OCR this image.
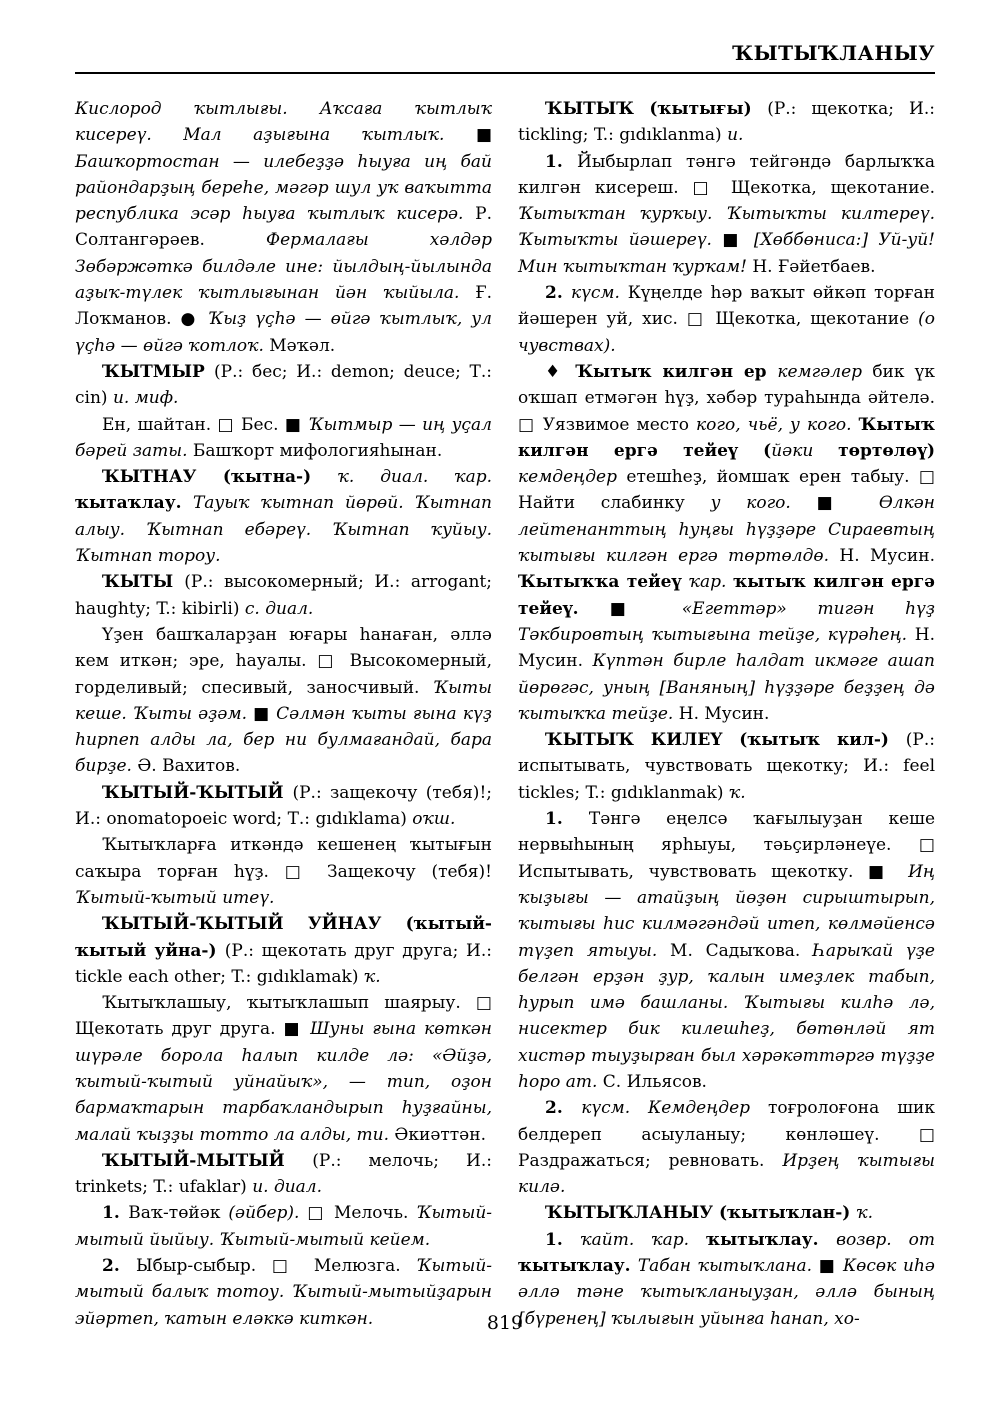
ҠЫТЫҠЛАНЫУ

Кислород ҡытлығы. Аҡсаға ҡытлыҡ кисереү. Мал аҙығына ҡытлыҡ. ■ Башҡортостан — илебеҙҙә һыуға иң бай райондарҙың береһе, мәгәр шул уҡ ваҡытта республика эсәр һыуға ҡытлыҡ кисерә. Р. Солтангәрәев. Фермалағы хәлдәр Зөбәржәткә билдәле ине: йылдың-йылында аҙыҡ-түлек ҡытлығынан йән ҡыйыла. Ғ. Лоҡманов. ● Ҡыҙ үҫһә — өйгә ҡытлыҡ, ул үҫһә — өйгә ҡотлоҡ. Мәҡәл.

ҠЫТМЫР (Р.: бес; И.: demon; deuce; Т.: cin) и. миф.

Ен, шайтан. □ Бес. ■ Ҡытмыр — иң уҫал бәрей заты. Башҡорт мифологияһынан.

ҠЫТНАУ (ҡытна-) ҡ. диал. ҡар. ҡытаҡлау. Тауыҡ ҡытнап йөрөй. Ҡытнап алыу. Ҡытнап ебәреү. Ҡытнап ҡуйыу. Ҡытнап тороу.

ҠЫТЫ (Р.: высокомерный; И.: arrogant; haughty; T.: kibirli) с. диал.

Үҙен башҡаларҙан юғары һанаған, әллә кем иткән; эре, һауалы. □ Высокомерный, горделивый; спесивый, заносчивый. Ҡыты кеше. Ҡыты әҙәм. ■ Сәлмән ҡыты ғына күҙ һирпеп алды ла, бер ни булмағандай, бара бирҙе. Ә. Вахитов.

ҠЫТЫЙ-ҠЫТЫЙ (Р.: защекочу (тебя)!; И.: onomatopoeic word; Т.: gıdıklama) оҡш.

Ҡытыҡларға иткәндә кешенең ҡытығын саҡыра торған һүҙ. □ Защекочу (тебя)! Ҡытый-ҡытый итеү.

ҠЫТЫЙ-ҠЫТЫЙ УЙНАУ (ҡытый-ҡытый уйна-) (Р.: щекотать друг друга; И.: tickle each other; T.: gıdıklamak) ҡ.

Ҡытыҡлашыу, ҡытыҡлашып шаярыу. □ Щекотать друг друга. ■ Шуны ғына көткән шүрәле борола һалып килде лә: «Әйҙә, ҡытый-ҡытый уйнайыҡ», — тип, оҙон бармаҡтарын тарбаҡландырып һуҙғайны, малай ҡыҙҙы тотто ла алды, ти. Әкиәттән.

ҠЫТЫЙ-МЫТЫЙ (Р.: мелочь; И.: trinkets; T.: ufaklar) и. диал.

1. Ваҡ-төйәк (әйбер). □ Мелочь. Ҡытый-мытый йыйыу. Ҡытый-мытый кейем.

2. Ыбыр-сыбыр. □ Мелюзга. Ҡытый-мытый балыҡ тотоу. Ҡытый-мытыйҙарын эйәртеп, ҡатын еләккә киткән.

ҠЫТЫҠ (ҡытығы) (Р.: щекотка; И.: tickling; T.: gıdıklanma) и.

1. Йыбырлап тәнгә тейгәндә барлыҡҡа килгән кисереш. □ Щекотка, щекотание. Ҡытыҡтан ҡурҡыу. Ҡытыҡты килтереү. Ҡытыҡты йәшереү. ■ [Хөббөниса:] Уй-уй! Мин ҡытыҡтан ҡурҡам! Н. Ғәйетбаев.

2. күсм. Күңелде һәр ваҡыт өйкәп торған йәшерен уй, хис. □ Щекотка, щекотание (о чувствах).

♦ Ҡытыҡ килгән ер кемгәлер бик үк оҡшап етмәгән һүҙ, хәбәр тураһында әйтелә. □ Уязвимое место кого, чьё, у кого. Ҡытыҡ килгән ергә тейеү (йәки төртөлөү) кемдеңдер етешһеҙ, йомшаҡ ерен табыу. □ Найти слабинку у кого. ■ Өлкән лейтенанттың һуңғы һүҙҙәре Сираевтың ҡытығы килгән ергә төртөлдө. Н. Мусин. Ҡытыҡҡа тейеү ҡар. ҡытыҡ килгән ергә тейеү. ■ «Егеттәр» тигән һүҙ Тәкбировтың ҡытығына тейҙе, күрәһең. Н. Мусин. Күптән бирле һалдат икмәге ашап йөрөгәс, уның [Ваняның] һүҙҙәре беҙҙең дә ҡытыҡҡа тейҙе. Н. Мусин.

ҠЫТЫҠ КИЛЕҮ (ҡытыҡ кил-) (Р.: испытывать, чувствовать щекотку; И.: feel tickles; T.: gıdıklanmak) ҡ.

1. Тәнгә еңелсә ҡағылыуҙан кеше нервыһының ярһыуы, тәьҫирләнеүе. □ Испытывать, чувствовать щекотку. ■ Иң ҡыҙығы — атайҙың йөҙөн сирыштырып, ҡытығы һис килмәгәндәй итеп, көлмәйенсә түҙеп ятыуы. М. Садыҡова. Һарыҡай үҙе белгән ерҙән ҙур, ҡалын имеҙлек табып, һурып имә башланы. Ҡытығы килһә лә, нисектер бик килешһеҙ, бөтөнләй ят хистәр тыуҙырған был хәрәкәттәргә түҙҙе һоро ат. С. Ильясов.

2. күсм. Кемдеңдер тоғролоғона шик белдереп асыуланыу; көнләшеү. □ Раздражаться; ревновать. Ирҙең ҡытығы килә.

ҠЫТЫҠЛАНЫУ (ҡытыҡлан-) ҡ.

1. ҡайт. ҡар. ҡытыҡлау. возвр. от ҡытыҡлау. Табан ҡытыҡлана. ■ Көсөк иһә әллә тәне ҡытыҡланыуҙан, әллә бының [бүренең] ҡылығын уйынға һанап, хо-

819
